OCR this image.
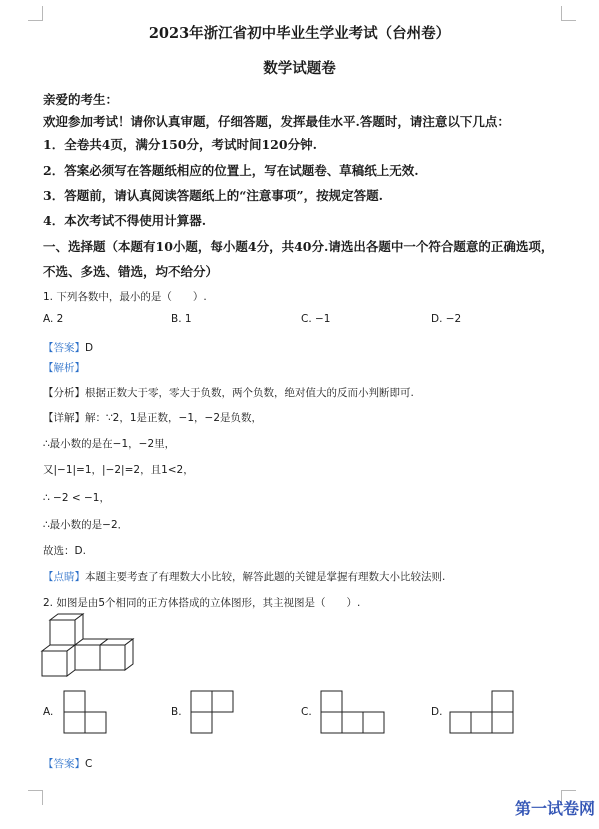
2023年浙江省初中毕业生学业考试（台州卷）
数学试题卷
亲爱的考生：
欢迎参加考试！请你认真审题，仔细答题，发挥最佳水平.答题时，请注意以下几点：
1．全卷共4页，满分150分，考试时间120分钟.
2．答案必须写在答题纸相应的位置上，写在试题卷、草稿纸上无效.
3．答题前，请认真阅读答题纸上的“注意事项”，按规定答题.
4．本次考试不得使用计算器.
一、选择题（本题有10小题，每小题4分，共40分.请选出各题中一个符合题意的正确选项，
不选、多选、错选，均不给分）
1. 下列各数中，最小的是（　　）.
A. 2	B. 1	C. −1	D. −2
【答案】D
【解析】
【分析】根据正数大于零，零大于负数，两个负数，绝对值大的反而小判断即可.
【详解】解：∵2，1是正数，−1，−2是负数，
∴最小数的是在−1，−2里，
又|−1|=1，|−2|=2，且1<2，
∴ −2 < −1，
∴最小数的是−2．
故选：D.
【点睛】本题主要考查了有理数大小比较，解答此题的关键是掌握有理数大小比较法则.
2. 如图是由5个相同的正方体搭成的立体图形，其主视图是（　　）.
A.	B.	C.	D.
【答案】C
第一试卷网
